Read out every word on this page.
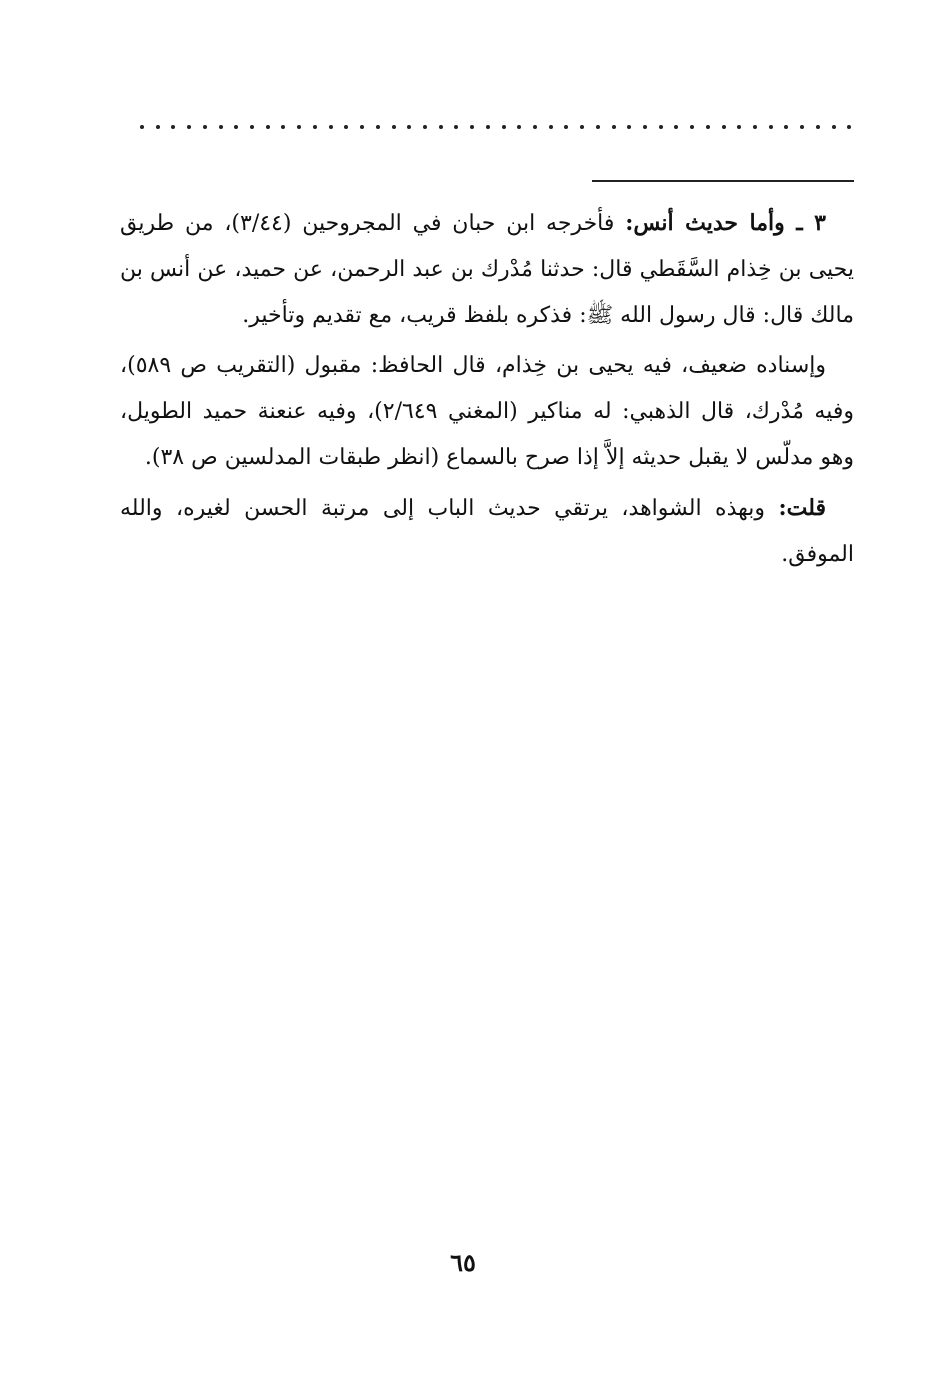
٣ ـ وأما حديث أنس: فأخرجه ابن حبان في المجروحين (٣/٤٤)، من طريق يحيى بن خِذام السَّقَطي قال: حدثنا مُدْرك بن عبد الرحمن، عن حميد، عن أنس بن مالك قال: قال رسول الله ﷺ: فذكره بلفظ قريب، مع تقديم وتأخير.

وإسناده ضعيف، فيه يحيى بن خِذام، قال الحافظ: مقبول (التقريب ص ٥٨٩)، وفيه مُدْرك، قال الذهبي: له مناكير (المغني ٢/٦٤٩)، وفيه عنعنة حميد الطويل، وهو مدلّس لا يقبل حديثه إلاَّ إذا صرح بالسماع (انظر طبقات المدلسين ص ٣٨).

قلت: وبهذه الشواهد، يرتقي حديث الباب إلى مرتبة الحسن لغيره، والله الموفق.

٦٥
